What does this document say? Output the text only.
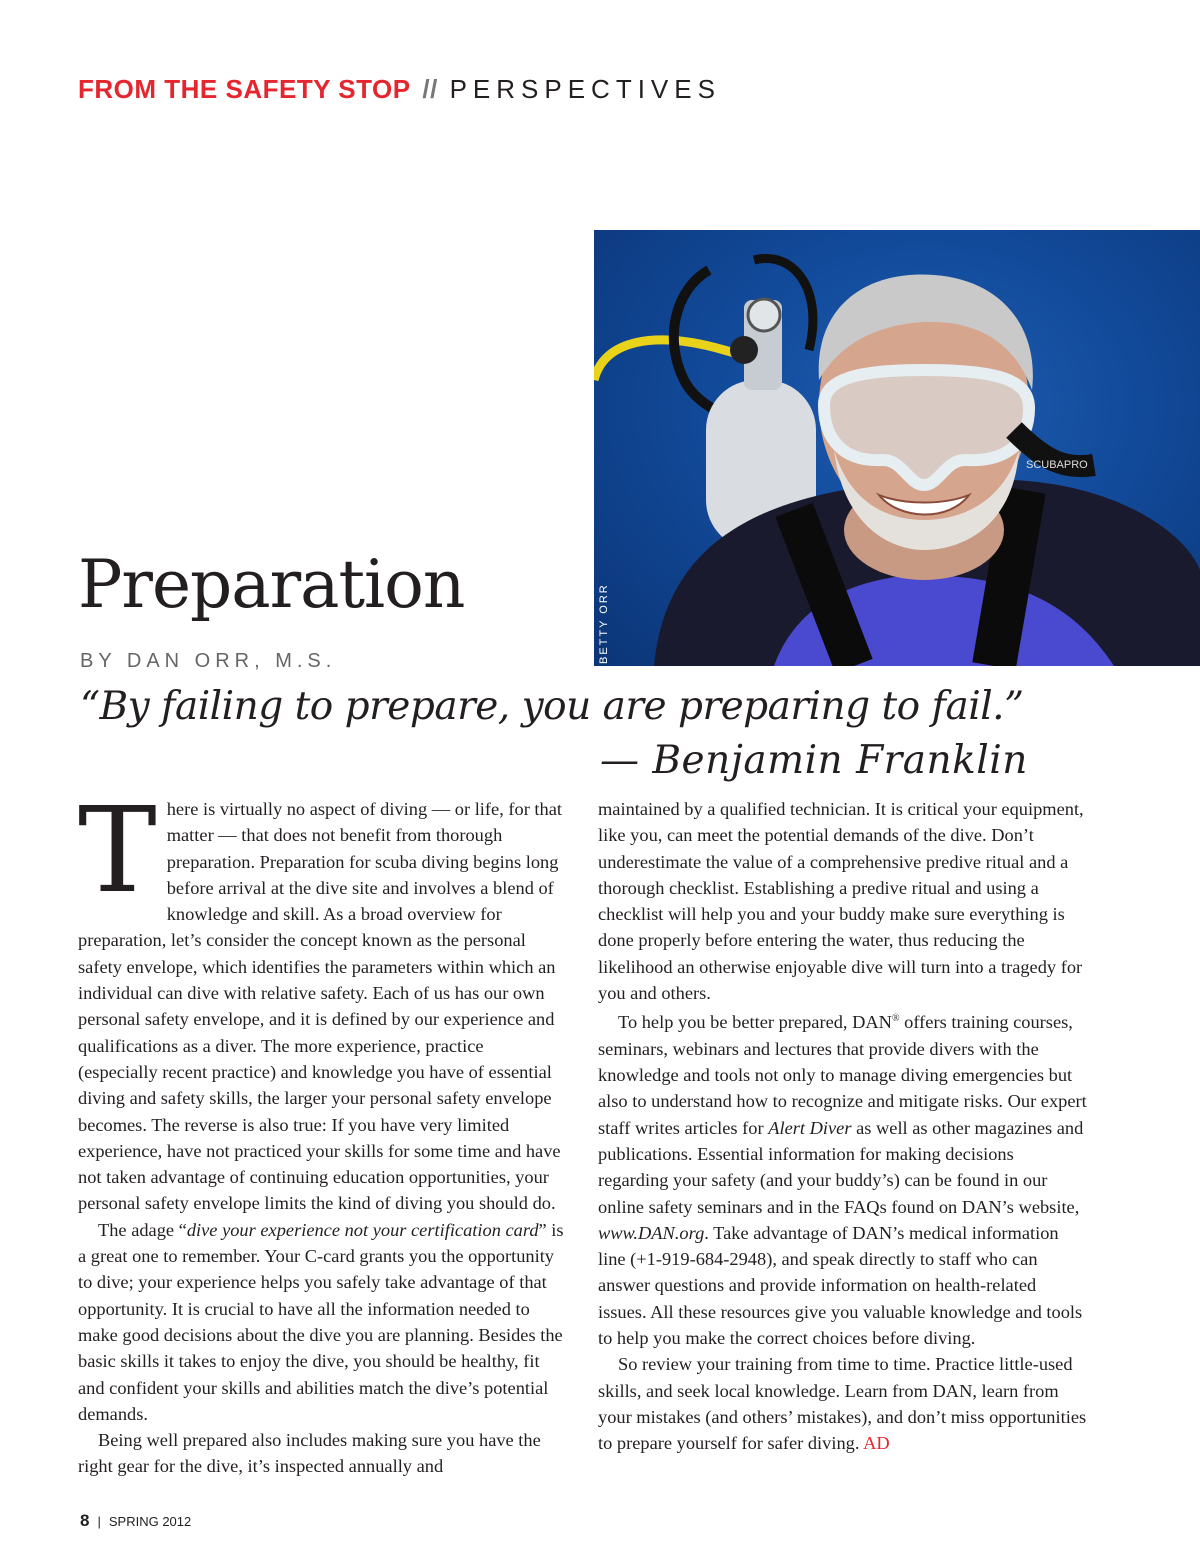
FROM THE SAFETY STOP // PERSPECTIVES
SCUBAPRO
BETTY ORR
Preparation
BY DAN ORR, M.S.
“By failing to prepare, you are preparing to fail.”
— Benjamin Franklin
T here is virtually no aspect of diving — or life, for that matter — that does not benefit from thorough preparation. Preparation for scuba diving begins long before arrival at the dive site and involves a blend of knowledge and skill. As a broad overview for preparation, let’s consider the concept known as the personal safety envelope, which identifies the parameters within which an individual can dive with relative safety. Each of us has our own personal safety envelope, and it is defined by our experience and qualifications as a diver. The more experience, practice (especially recent practice) and knowledge you have of essential diving and safety skills, the larger your personal safety envelope becomes. The reverse is also true: If you have very limited experience, have not practiced your skills for some time and have not taken advantage of continuing education opportunities, your personal safety envelope limits the kind of diving you should do.

The adage “dive your experience not your certification card” is a great one to remember. Your C-card grants you the opportunity to dive; your experience helps you safely take advantage of that opportunity. It is crucial to have all the information needed to make good decisions about the dive you are planning. Besides the basic skills it takes to enjoy the dive, you should be healthy, fit and confident your skills and abilities match the dive’s potential demands.

Being well prepared also includes making sure you have the right gear for the dive, it’s inspected annually and

maintained by a qualified technician. It is critical your equipment, like you, can meet the potential demands of the dive. Don’t underestimate the value of a comprehensive predive ritual and a thorough checklist. Establishing a predive ritual and using a checklist will help you and your buddy make sure everything is done properly before entering the water, thus reducing the likelihood an otherwise enjoyable dive will turn into a tragedy for you and others.

To help you be better prepared, DAN® offers training courses, seminars, webinars and lectures that provide divers with the knowledge and tools not only to manage diving emergencies but also to understand how to recognize and mitigate risks. Our expert staff writes articles for Alert Diver as well as other magazines and publications. Essential information for making decisions regarding your safety (and your buddy’s) can be found in our online safety seminars and in the FAQs found on DAN’s website, www.DAN.org. Take advantage of DAN’s medical information line (+1-919-684-2948), and speak directly to staff who can answer questions and provide information on health-related issues. All these resources give you valuable knowledge and tools to help you make the correct choices before diving.

So review your training from time to time. Practice little-used skills, and seek local knowledge. Learn from DAN, learn from your mistakes (and others’ mistakes), and don’t miss opportunities to prepare yourself for safer diving. AD

8 | SPRING 2012
